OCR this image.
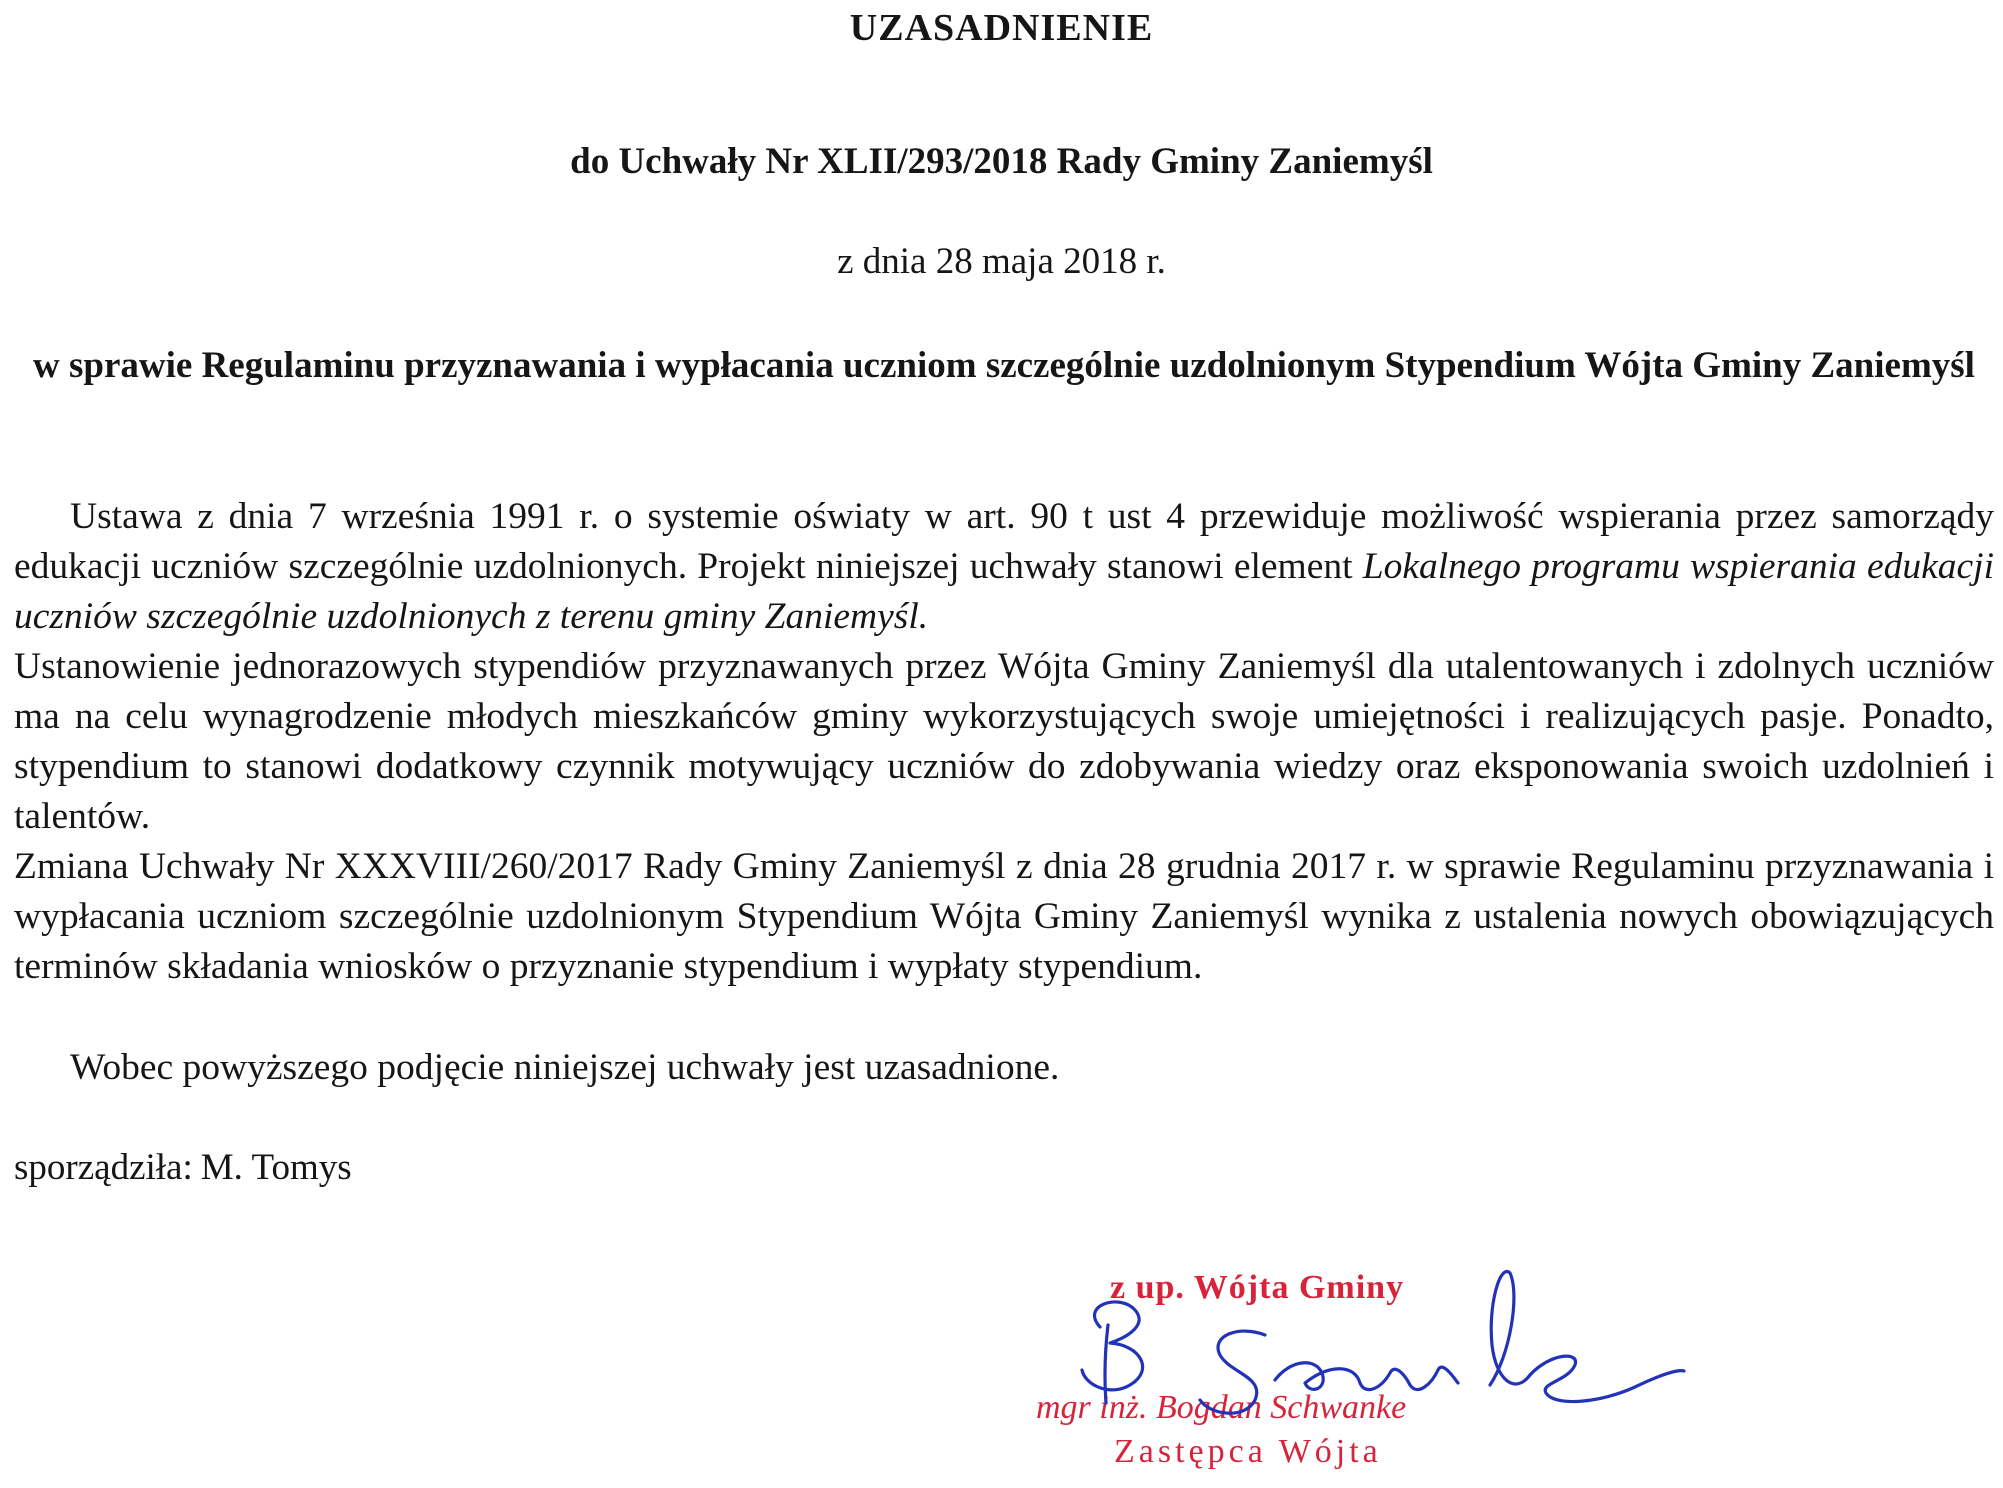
UZASADNIENIE
do Uchwały Nr XLII/293/2018 Rady Gminy Zaniemyśl
z dnia 28 maja 2018 r.
w sprawie Regulaminu przyznawania i wypłacania uczniom szczególnie uzdolnionym Stypendium Wójta Gminy Zaniemyśl
Ustawa z dnia 7 września 1991 r. o systemie oświaty w art. 90 t ust 4 przewiduje możliwość wspierania przez samorządy edukacji uczniów szczególnie uzdolnionych. Projekt niniejszej uchwały stanowi element Lokalnego programu wspierania edukacji uczniów szczególnie uzdolnionych z terenu gminy Zaniemyśl.
Ustanowienie jednorazowych stypendiów przyznawanych przez Wójta Gminy Zaniemyśl dla utalentowanych i zdolnych uczniów ma na celu wynagrodzenie młodych mieszkańców gminy wykorzystujących swoje umiejętności i realizujących pasje. Ponadto, stypendium to stanowi dodatkowy czynnik motywujący uczniów do zdobywania wiedzy oraz eksponowania swoich uzdolnień i talentów.
Zmiana Uchwały Nr XXXVIII/260/2017 Rady Gminy Zaniemyśl z dnia 28 grudnia 2017 r. w sprawie Regulaminu przyznawania i wypłacania uczniom szczególnie uzdolnionym Stypendium Wójta Gminy Zaniemyśl wynika z ustalenia nowych obowiązujących terminów składania wniosków o przyznanie stypendium i wypłaty stypendium.
Wobec powyższego podjęcie niniejszej uchwały jest uzasadnione.
sporządziła: M. Tomys
z up. Wójta Gminy
mgr inż. Bogdan Schwanke
Zastępca Wójta
